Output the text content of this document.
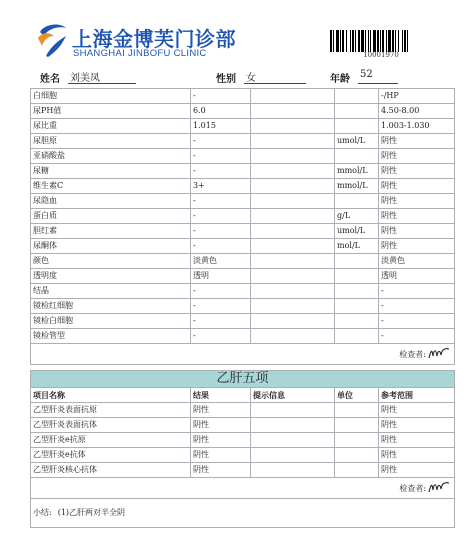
上海金博芙门诊部
SHANGHAI JINBOFU CLINIC	10001970
姓名 刘美凤	性别 女	年龄 52
白细胞	-			-/HP
尿PH值	6.0			4.50-8.00
尿比重	1.015			1.003-1.030
尿胆原	-		umol/L	阴性
亚硝酸盐	-			阴性
尿糖	-		mmol/L	阴性
维生素C	3+		mmol/L	阴性
尿隐血	-			阴性
蛋白质	-		g/L	阴性
胆红素	-		umol/L	阴性
尿酮体	-		mol/L	阴性
颜色	淡黄色			淡黄色
透明度	透明			透明
结晶	-			-
镜检红细胞	-			-
镜检白细胞	-			-
镜检管型	-			-
检查者:				
乙肝五项				
项目名称	结果	提示信息	单位	参考范围
乙型肝炎表面抗原	阴性			阴性
乙型肝炎表面抗体	阴性			阴性
乙型肝炎e抗原	阴性			阴性
乙型肝炎e抗体	阴性			阴性
乙型肝炎核心抗体	阴性			阴性
检查者:				

小结: (1)乙肝两对半全阴				
